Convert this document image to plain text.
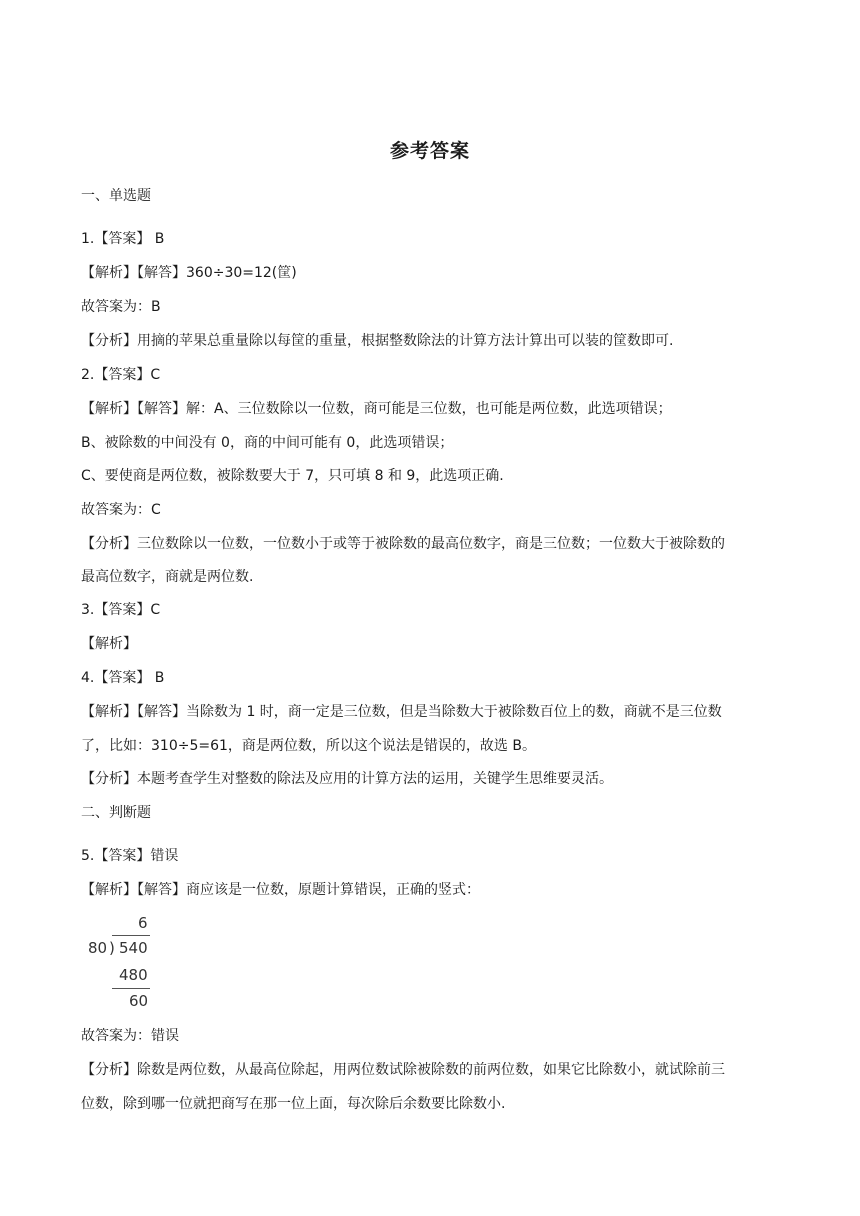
参考答案
一、单选题
1.【答案】 B
【解析】【解答】360÷30=12(筐)
故答案为：B
【分析】用摘的苹果总重量除以每筐的重量，根据整数除法的计算方法计算出可以装的筐数即可.
2.【答案】C
【解析】【解答】解：A、三位数除以一位数，商可能是三位数，也可能是两位数，此选项错误；
B、被除数的中间没有 0，商的中间可能有 0，此选项错误；
C、要使商是两位数，被除数要大于 7，只可填 8 和 9，此选项正确.
故答案为：C
【分析】三位数除以一位数，一位数小于或等于被除数的最高位数字，商是三位数；一位数大于被除数的
最高位数字，商就是两位数.
3.【答案】C
【解析】
4.【答案】 B
【解析】【解答】当除数为 1 时，商一定是三位数，但是当除数大于被除数百位上的数，商就不是三位数
了，比如：310÷5=61，商是两位数，所以这个说法是错误的，故选 B。
【分析】本题考查学生对整数的除法及应用的计算方法的运用，关键学生思维要灵活。
二、判断题
5.【答案】错误
【解析】【解答】商应该是一位数，原题计算错误，正确的竖式：
6
80 ) 540
480
60
故答案为：错误
【分析】除数是两位数，从最高位除起，用两位数试除被除数的前两位数，如果它比除数小，就试除前三
位数，除到哪一位就把商写在那一位上面，每次除后余数要比除数小.
